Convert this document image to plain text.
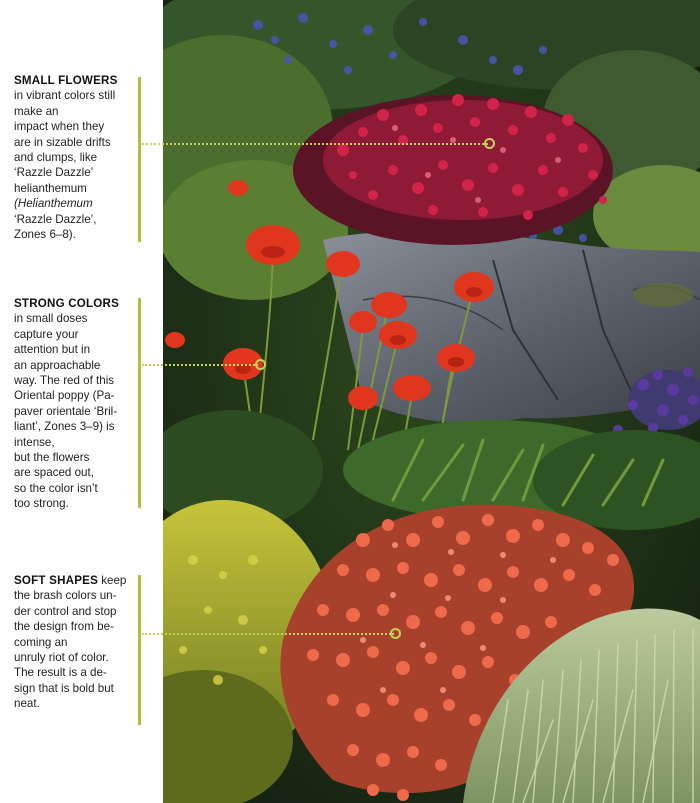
SMALL FLOWERS
in vibrant colors still
make an
impact when they
are in sizable drifts
and clumps, like
‘Razzle Dazzle’
helianthemum
(Helianthemum
‘Razzle Dazzle’,
Zones 6–8).
STRONG COLORS
in small doses
capture your
attention but in
an approachable
way. The red of this
Oriental poppy (Pa-
paver orientale ‘Bril-
liant’, Zones 3–9) is
intense,
but the flowers
are spaced out,
so the color isn’t
too strong.
SOFT SHAPES keep
the brash colors un-
der control and stop
the design from be-
coming an
unruly riot of color.
The result is a de-
sign that is bold but
neat.
